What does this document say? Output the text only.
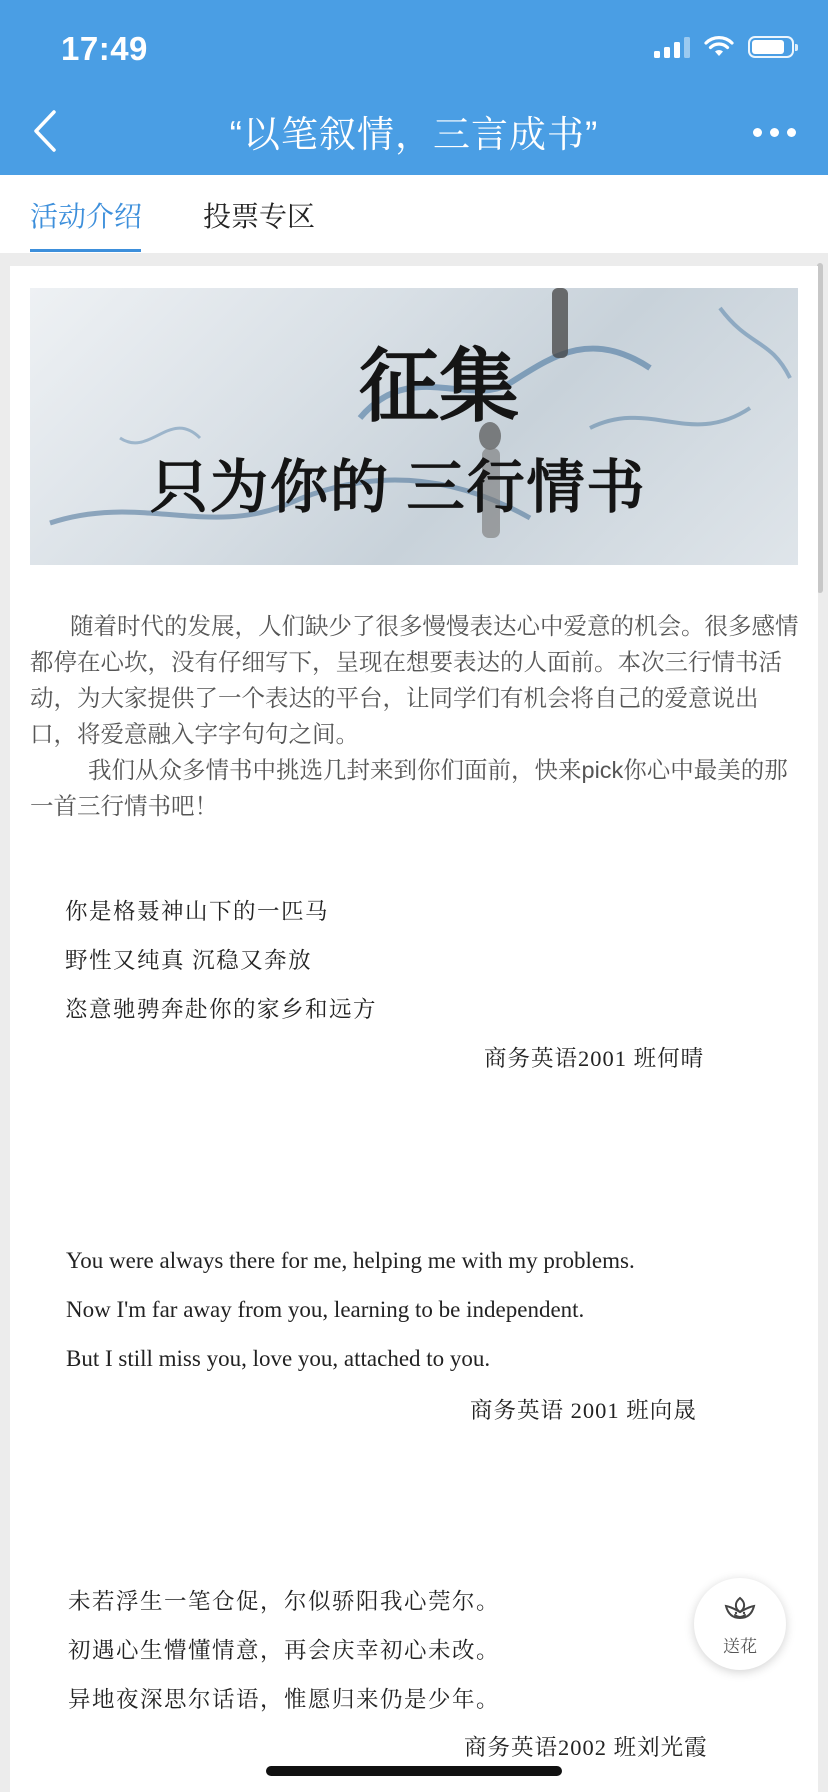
17:49
“以笔叙情，三言成书”
活动介绍 投票专区
征集
只为你的 三行情书

随着时代的发展，人们缺少了很多慢慢表达心中爱意的机会。很多感情都停在心坎，没有仔细写下，呈现在想要表达的人面前。本次三行情书活动，为大家提供了一个表达的平台，让同学们有机会将自己的爱意说出口，将爱意融入字字句句之间。

我们从众多情书中挑选几封来到你们面前，快来pick你心中最美的那一首三行情书吧！

你是格聂神山下的一匹马
野性又纯真 沉稳又奔放
恣意驰骋奔赴你的家乡和远方
商务英语2001 班何晴
You were always there for me, helping me with my problems.
Now I'm far away from you, learning to be independent.
But I still miss you, love you, attached to you.
商务英语 2001 班向晟
未若浮生一笔仓促，尔似骄阳我心莞尔。
初遇心生懵懂情意，再会庆幸初心未改。
异地夜深思尔话语，惟愿归来仍是少年。
商务英语2002 班刘光霞
送花
